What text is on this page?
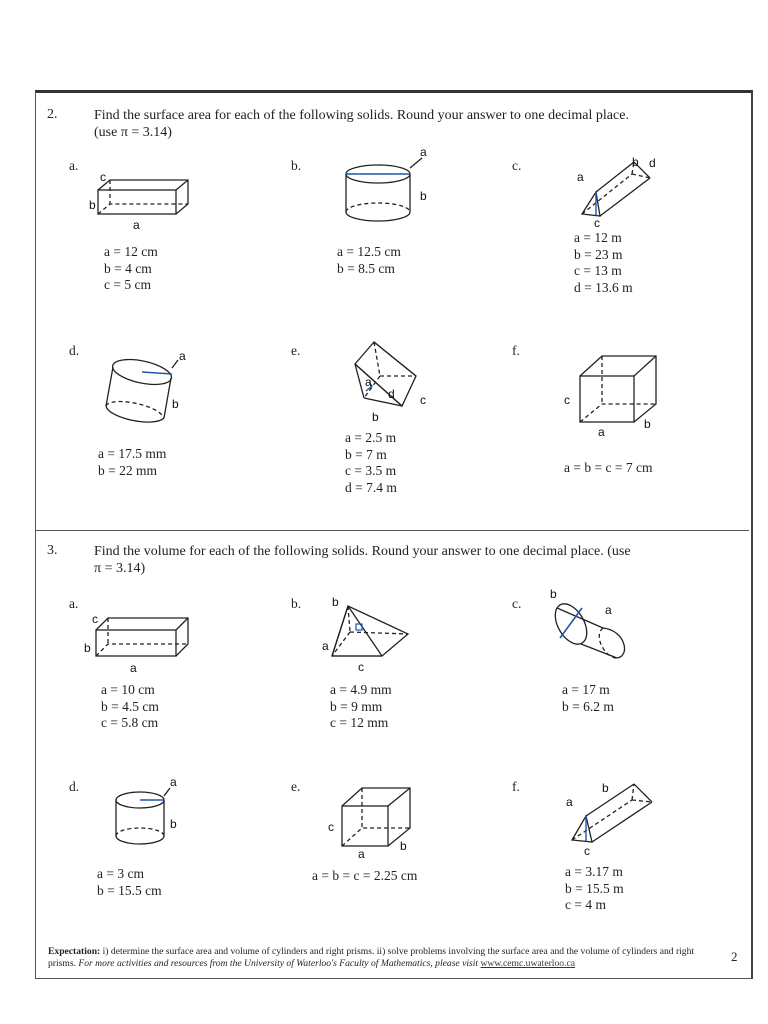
2.	Find the surface area for each of the following solids. Round your answer to one decimal place.
(use π = 3.14)
a.
c
b
a
a = 12 cm
b = 4 cm
c = 5 cm
b.
a
b
a = 12.5 cm
b = 8.5 cm
c.
a
b
c
d
a = 12 m
b = 23 m
c = 13 m
d = 13.6 m
d.	a
b
a = 17.5 mm
b = 22 mm
e.
a
b
c
d
a = 2.5 m
b = 7 m
c = 3.5 m
d = 7.4 m
f.
c
a
b
a = b = c = 7 cm
3.	Find the volume for each of the following solids. Round your answer to one decimal place. (use
π = 3.14)
a.
c
b
a
a = 10 cm
b = 4.5 cm
c = 5.8 cm
b.	b
a
c
a = 4.9 mm
b = 9 mm
c = 12 mm
c.
b
a
a = 17 m
b = 6.2 m
d.	a
b
a = 3 cm
b = 15.5 cm
e.
c
a
b
a = b = c = 2.25 cm
f.
a
b
c
a = 3.17 m
b = 15.5 m
c = 4 m
Expectation: i) determine the surface area and volume of cylinders and right prisms. ii) solve problems involving the surface area and the volume of cylinders and right prisms. For more activities and resources from the University of Waterloo's Faculty of Mathematics, please visit www.cemc.uwaterloo.ca	2
